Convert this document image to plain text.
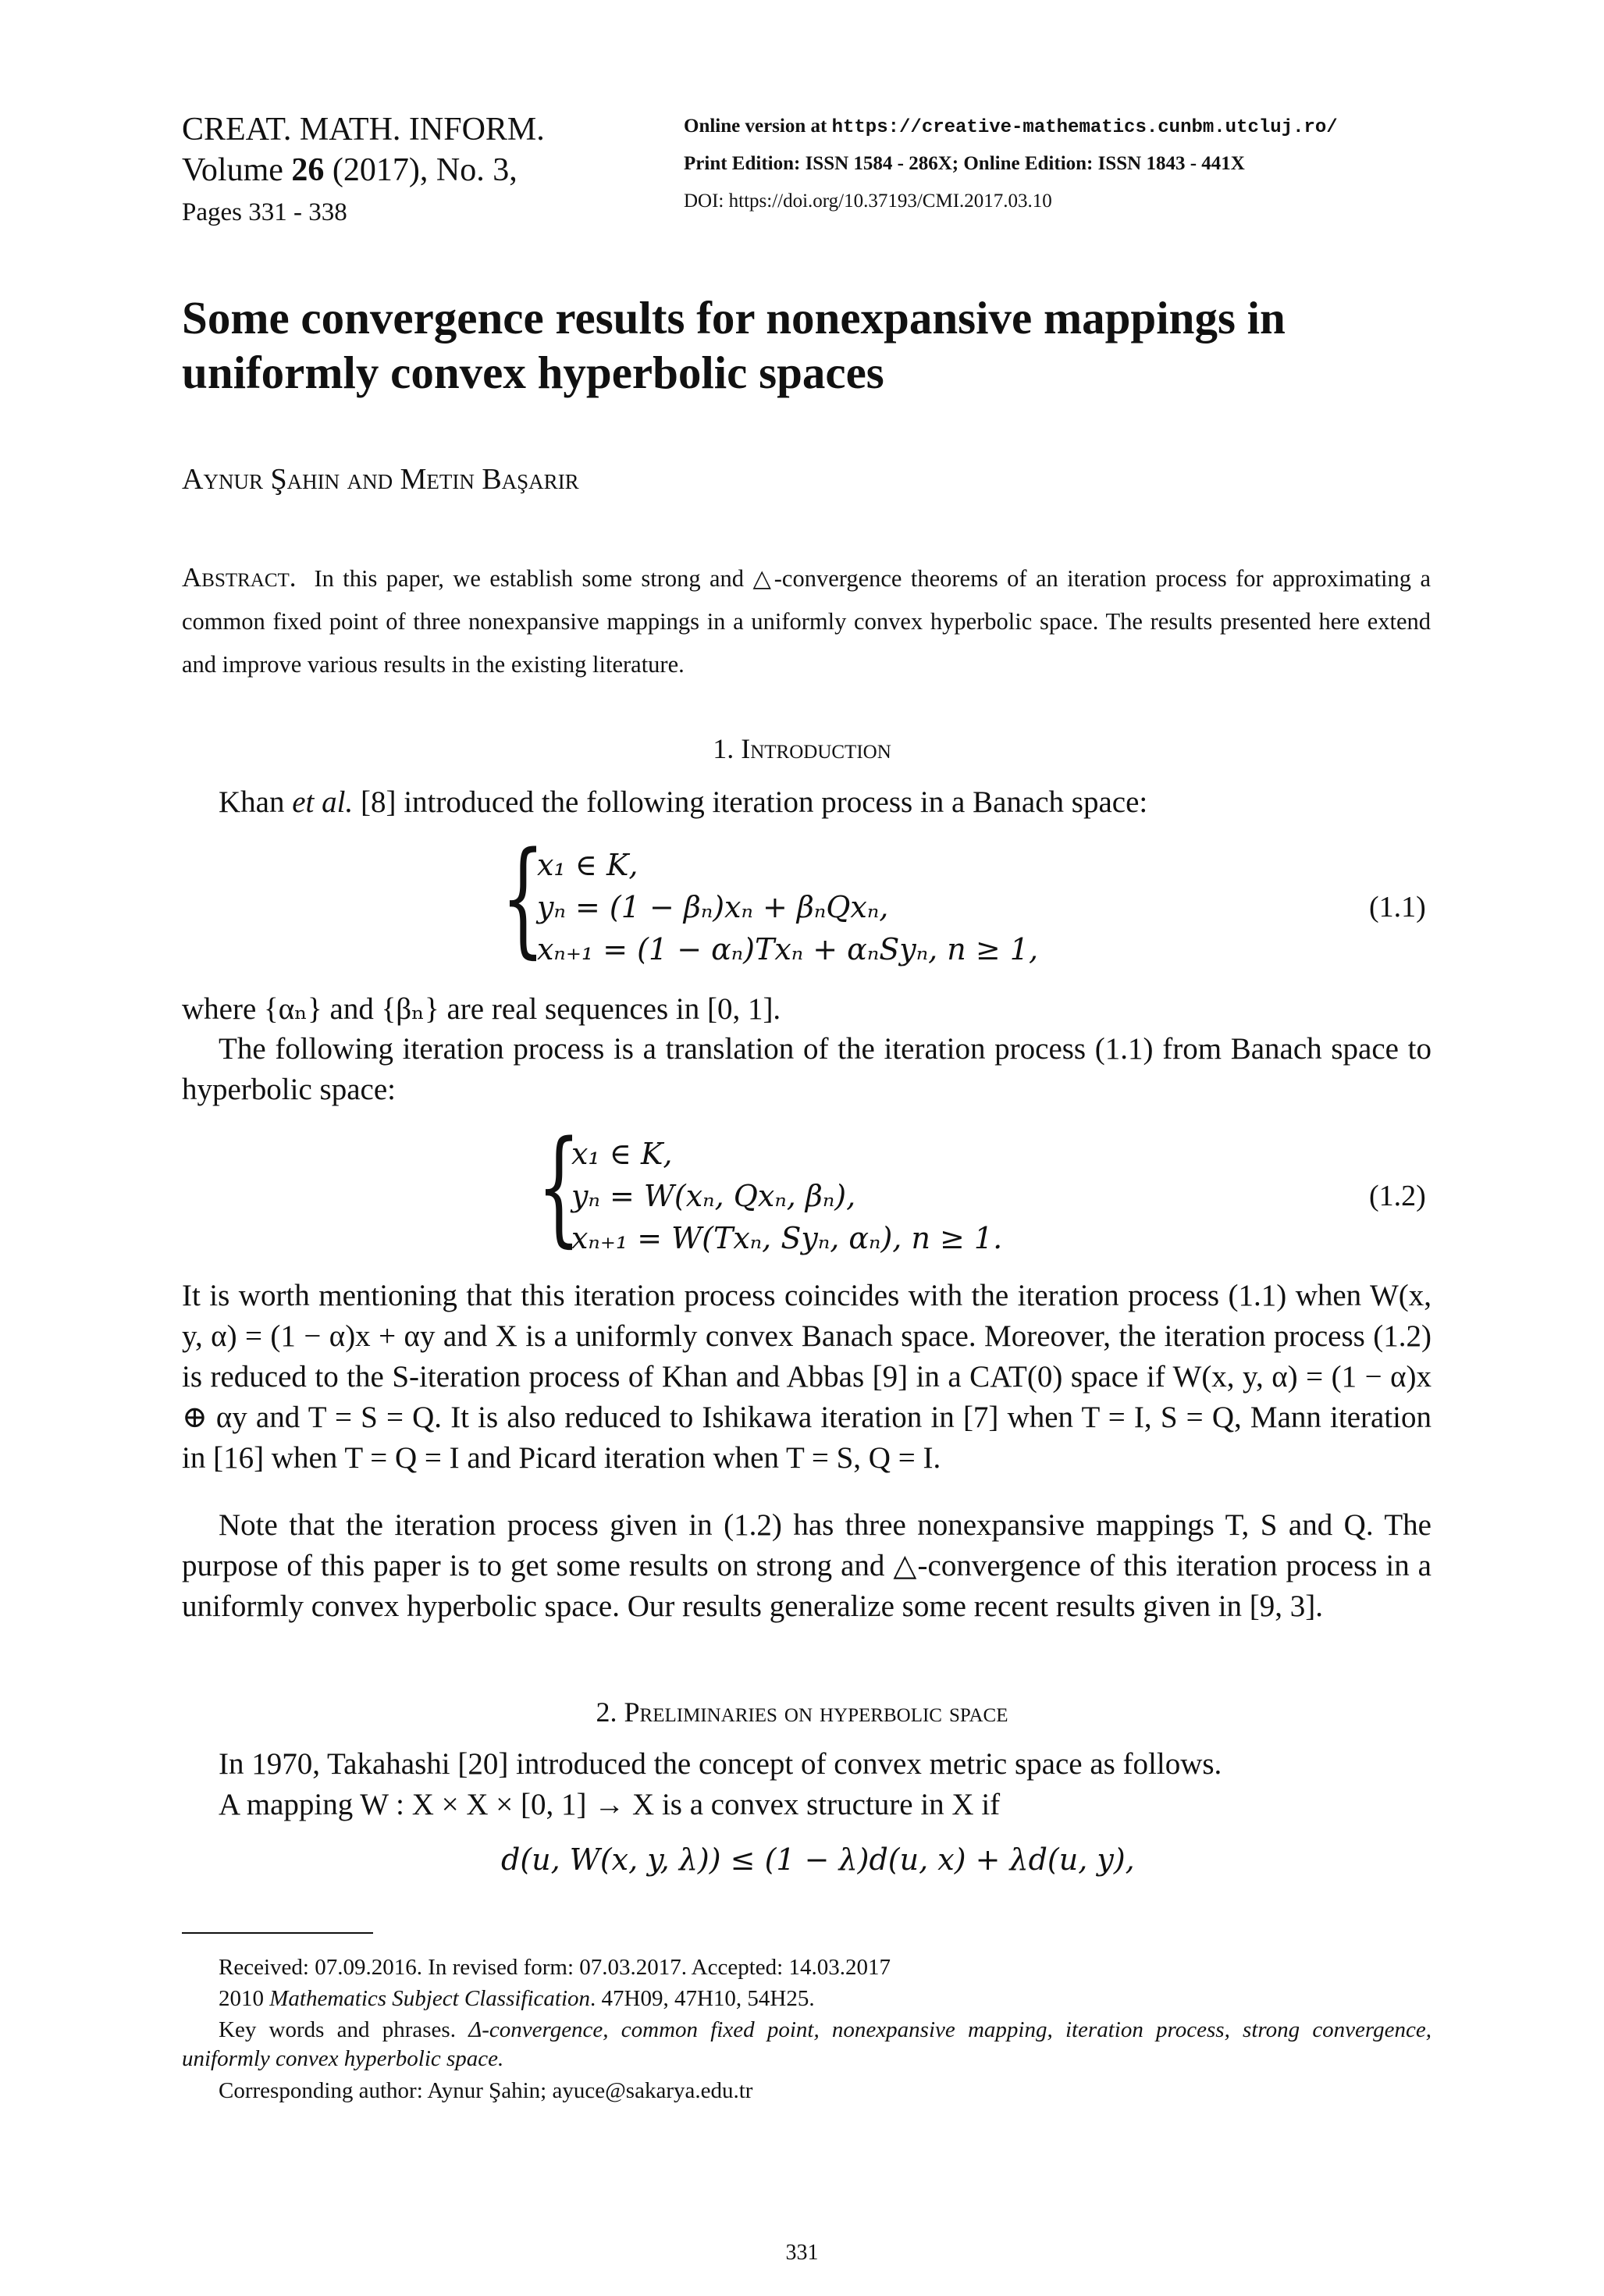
CREAT. MATH. INFORM.
Volume 26 (2017), No. 3,
Pages 331 - 338
Online version at https://creative-mathematics.cunbm.utcluj.ro/
Print Edition: ISSN 1584 - 286X; Online Edition: ISSN 1843 - 441X
DOI: https://doi.org/10.37193/CMI.2017.03.10
Some convergence results for nonexpansive mappings in uniformly convex hyperbolic spaces
Aynur Şahin and Metin Başarır
Abstract. In this paper, we establish some strong and △-convergence theorems of an iteration process for approximating a common fixed point of three nonexpansive mappings in a uniformly convex hyperbolic space. The results presented here extend and improve various results in the existing literature.
1. Introduction
Khan et al. [8] introduced the following iteration process in a Banach space:
{
x₁ ∈ K,
yₙ = (1 − βₙ)xₙ + βₙQxₙ,
xₙ₊₁ = (1 − αₙ)Txₙ + αₙSyₙ, n ≥ 1,
(1.1)
where {αₙ} and {βₙ} are real sequences in [0, 1].
The following iteration process is a translation of the iteration process (1.1) from Banach space to hyperbolic space:
{
x₁ ∈ K,
yₙ = W(xₙ, Qxₙ, βₙ),
xₙ₊₁ = W(Txₙ, Syₙ, αₙ), n ≥ 1.
(1.2)
It is worth mentioning that this iteration process coincides with the iteration process (1.1) when W(x, y, α) = (1 − α)x + αy and X is a uniformly convex Banach space. Moreover, the iteration process (1.2) is reduced to the S-iteration process of Khan and Abbas [9] in a CAT(0) space if W(x, y, α) = (1 − α)x ⊕ αy and T = S = Q. It is also reduced to Ishikawa iteration in [7] when T = I, S = Q, Mann iteration in [16] when T = Q = I and Picard iteration when T = S, Q = I.
Note that the iteration process given in (1.2) has three nonexpansive mappings T, S and Q. The purpose of this paper is to get some results on strong and △-convergence of this iteration process in a uniformly convex hyperbolic space. Our results generalize some recent results given in [9, 3].
2. Preliminaries on hyperbolic space
In 1970, Takahashi [20] introduced the concept of convex metric space as follows.
A mapping W : X × X × [0, 1] → X is a convex structure in X if
d(u, W(x, y, λ)) ≤ (1 − λ)d(u, x) + λd(u, y),
Received: 07.09.2016. In revised form: 07.03.2017. Accepted: 14.03.2017
2010 Mathematics Subject Classification. 47H09, 47H10, 54H25.
Key words and phrases. Δ-convergence, common fixed point, nonexpansive mapping, iteration process, strong convergence, uniformly convex hyperbolic space.
Corresponding author: Aynur Şahin; ayuce@sakarya.edu.tr
331
